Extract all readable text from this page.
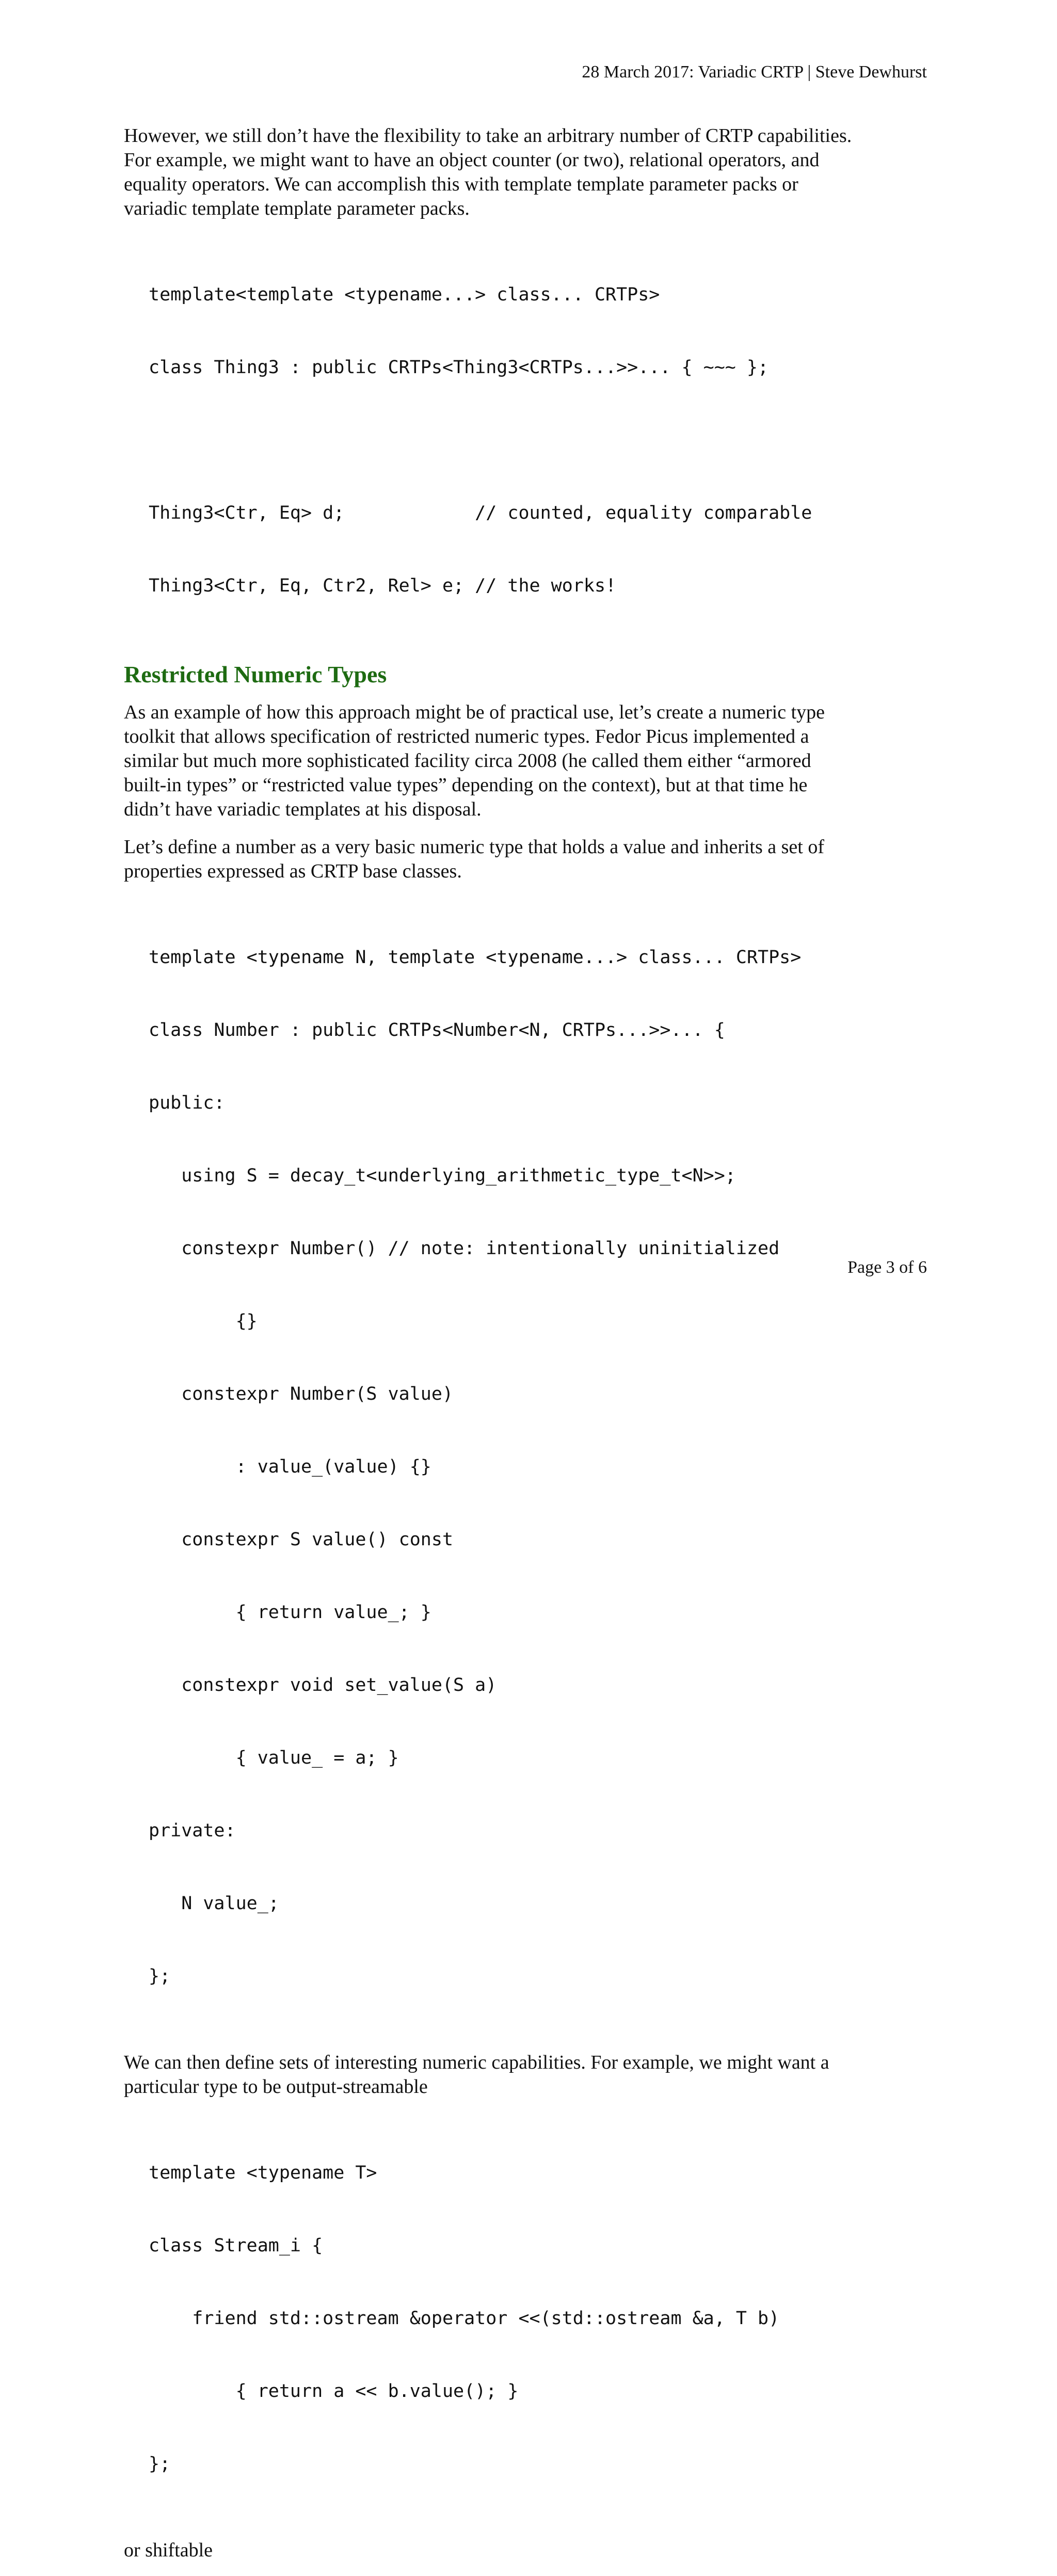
28 March 2017: Variadic CRTP | Steve Dewhurst
However, we still don’t have the flexibility to take an arbitrary number of CRTP capabilities.
For example, we might want to have an object counter (or two), relational operators, and
equality operators. We can accomplish this with template template parameter packs or
variadic template template parameter packs.

template<template <typename...> class... CRTPs>

class Thing3 : public CRTPs<Thing3<CRTPs...>>... { ~~~ };

Thing3<Ctr, Eq> d;            // counted, equality comparable

Thing3<Ctr, Eq, Ctr2, Rel> e; // the works!

Restricted Numeric Types
As an example of how this approach might be of practical use, let’s create a numeric type
toolkit that allows specification of restricted numeric types. Fedor Picus implemented a
similar but much more sophisticated facility circa 2008 (he called them either “armored
built-in types” or “restricted value types” depending on the context), but at that time he
didn’t have variadic templates at his disposal.
Let’s define a number as a very basic numeric type that holds a value and inherits a set of
properties expressed as CRTP base classes.

template <typename N, template <typename...> class... CRTPs>

class Number : public CRTPs<Number<N, CRTPs...>>... {

public:

using S = decay_t<underlying_arithmetic_type_t<N>>;

constexpr Number() // note: intentionally uninitialized

{}

constexpr Number(S value)

: value_(value) {}

constexpr S value() const

{ return value_; }

constexpr void set_value(S a)

{ value_ = a; }

private:

N value_;

};

We can then define sets of interesting numeric capabilities. For example, we might want a
particular type to be output-streamable

template <typename T>

class Stream_i {

friend std::ostream &operator <<(std::ostream &a, T b)

{ return a << b.value(); }

};

or shiftable
Page 3 of 6
